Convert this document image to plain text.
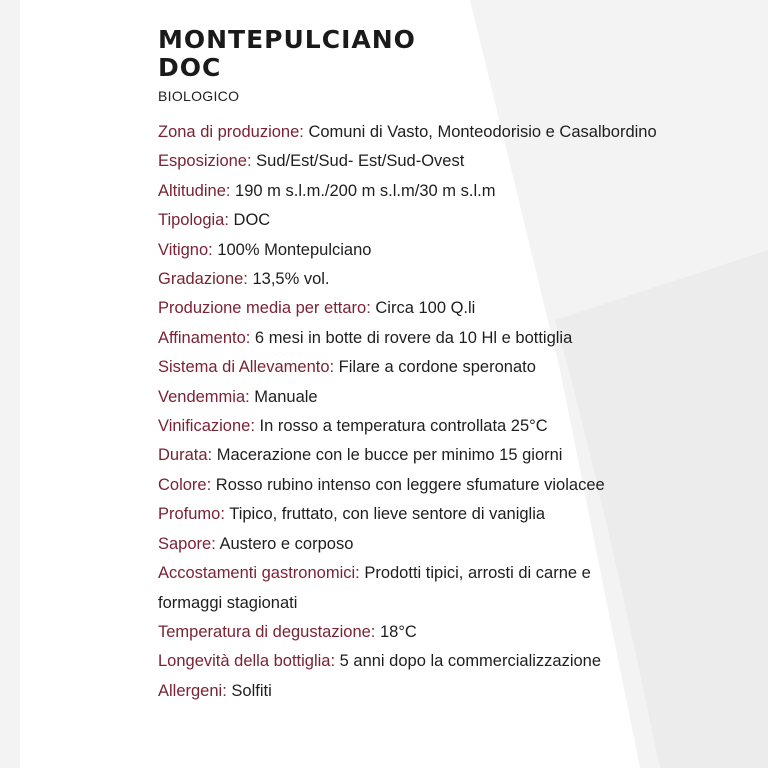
MONTEPULCIANO
DOC
BIOLOGICO
Zona di produzione: Comuni di Vasto, Monteodorisio e Casalbordino
Esposizione: Sud/Est/Sud- Est/Sud-Ovest
Altitudine: 190 m s.l.m./200 m s.l.m/30 m s.l.m
Tipologia: DOC
Vitigno: 100% Montepulciano
Gradazione: 13,5% vol.
Produzione media per ettaro: Circa 100 Q.li
Affinamento: 6 mesi in botte di rovere da 10 Hl e bottiglia
Sistema di Allevamento: Filare a cordone speronato
Vendemmia: Manuale
Vinificazione: In rosso a temperatura controllata 25°C
Durata: Macerazione con le bucce per minimo 15 giorni
Colore: Rosso rubino intenso con leggere sfumature violacee
Profumo: Tipico, fruttato, con lieve sentore di vaniglia
Sapore: Austero e corposo
Accostamenti gastronomici: Prodotti tipici, arrosti di carne e formaggi stagionati
Temperatura di degustazione: 18°C
Longevità della bottiglia: 5 anni dopo la commercializzazione
Allergeni: Solfiti
